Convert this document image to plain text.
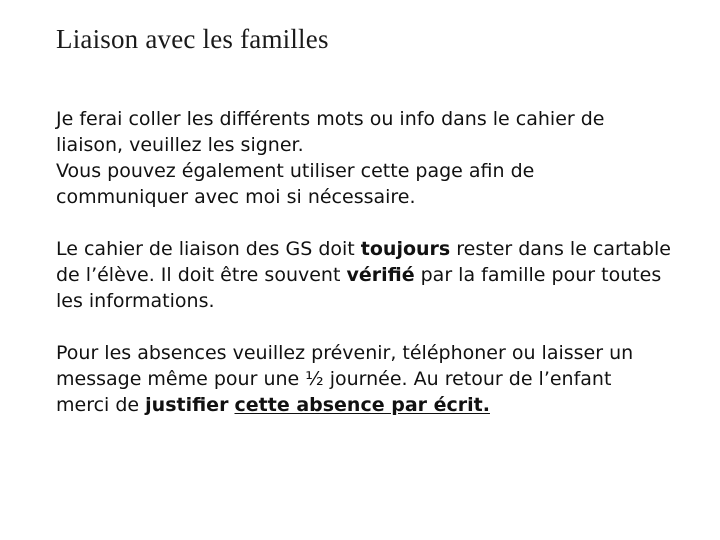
Liaison avec les familles

Je ferai coller les différents mots ou info dans le cahier de
liaison, veuillez les signer.
Vous pouvez également utiliser cette page afin de
communiquer avec moi si nécessaire.

Le cahier de liaison des GS doit toujours rester dans le cartable
de l’élève. Il doit être souvent vérifié par la famille pour toutes
les informations.

Pour les absences veuillez prévenir, téléphoner ou laisser un
message même pour une ½ journée. Au retour de l’enfant
merci de justifier cette absence par écrit.
